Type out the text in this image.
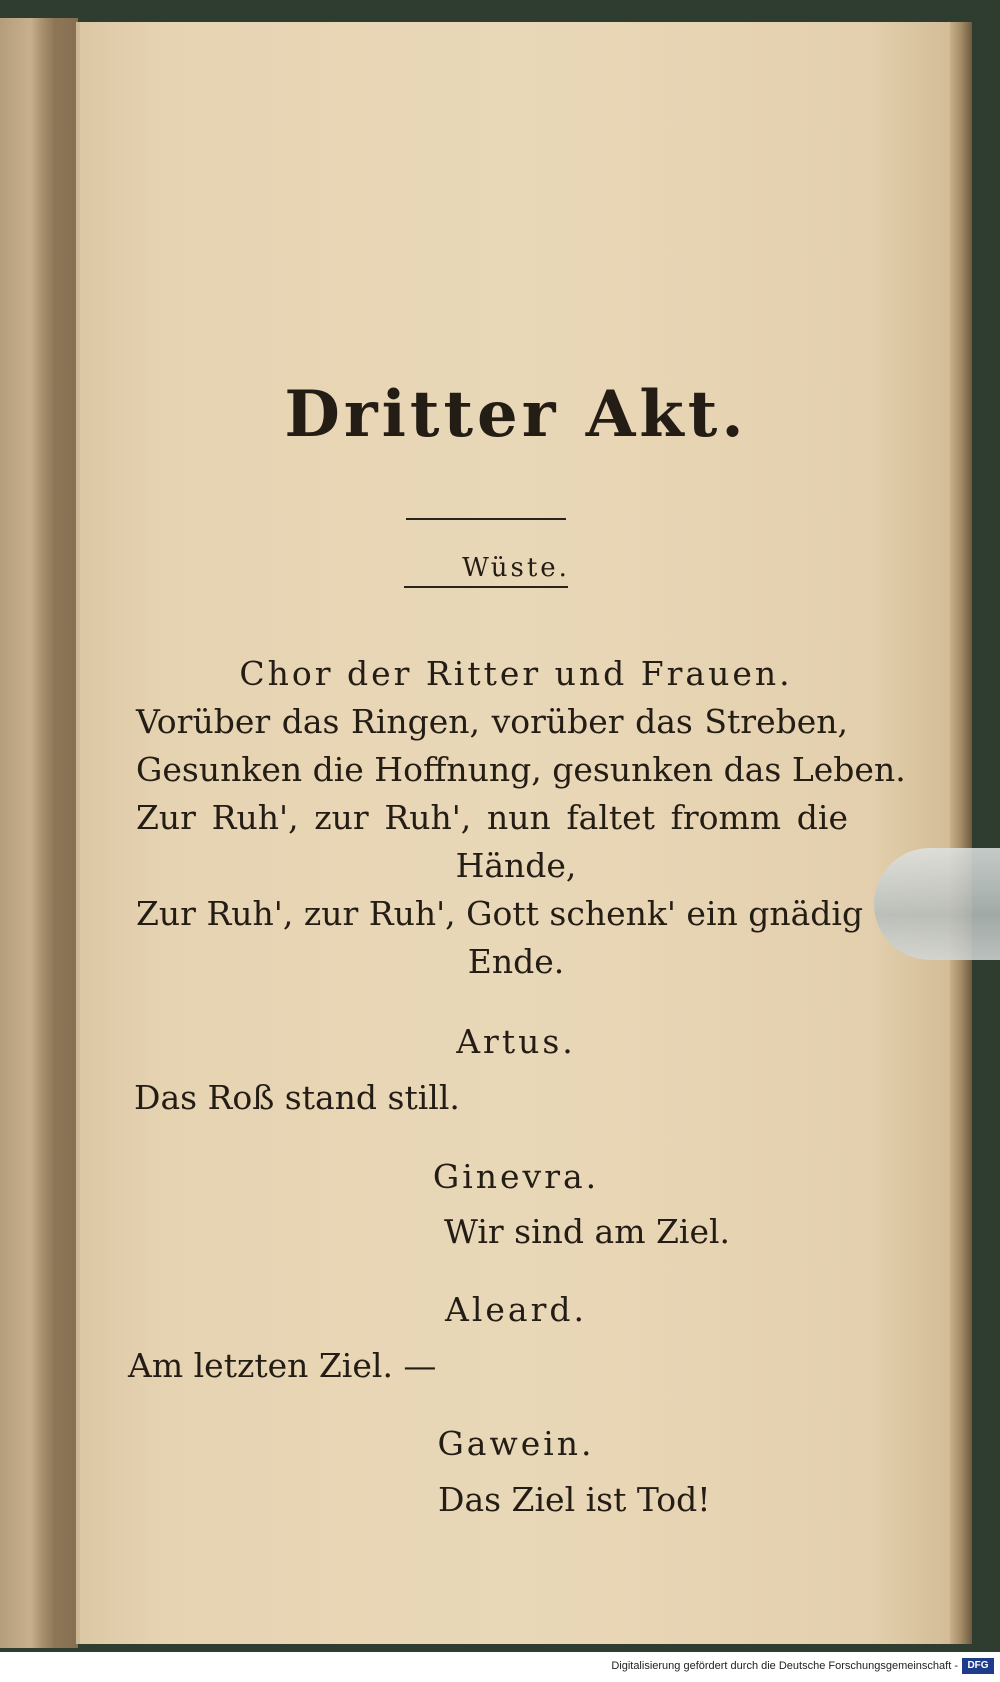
Dritter Akt.
Wüste.
Chor der Ritter und Frauen.
Vorüber das Ringen, vorüber das Streben,
Gesunken die Hoffnung, gesunken das Leben.
Zur Ruh', zur Ruh', nun faltet fromm die
Hände,
Zur Ruh', zur Ruh', Gott schenk' ein gnädig
Ende.
Artus.
Das Roß stand still.
Ginevra.
Wir sind am Ziel.
Aleard.
Am letzten Ziel. —
Gawein.
Das Ziel ist Tod!
Digitalisierung gefördert durch die Deutsche Forschungsgemeinschaft - DFG
